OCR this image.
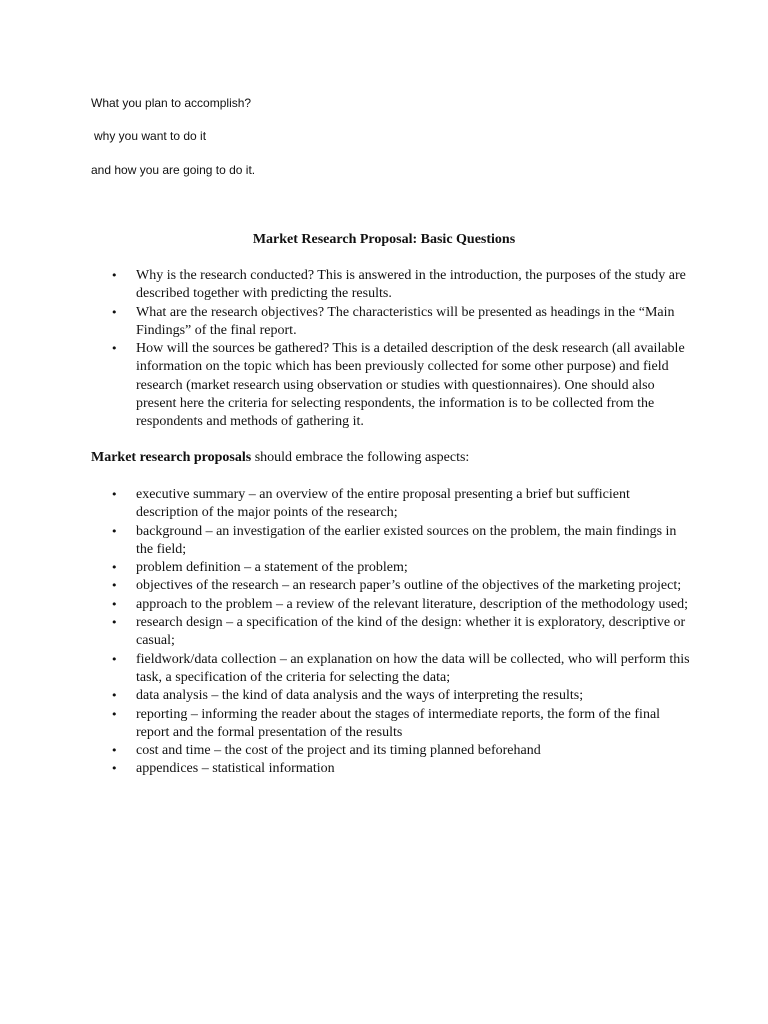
What you plan to accomplish?
why you want to do it
and how you are going to do it.
Market Research Proposal: Basic Questions
• Why is the research conducted? This is answered in the introduction, the purposes of the study are described together with predicting the results.
• What are the research objectives? The characteristics will be presented as headings in the “Main Findings” of the final report.
• How will the sources be gathered? This is a detailed description of the desk research (all available information on the topic which has been previously collected for some other purpose) and field research (market research using observation or studies with questionnaires). One should also present here the criteria for selecting respondents, the information is to be collected from the respondents and methods of gathering it.
Market research proposals should embrace the following aspects:
• executive summary – an overview of the entire proposal presenting a brief but sufficient description of the major points of the research;
• background – an investigation of the earlier existed sources on the problem, the main findings in the field;
• problem definition – a statement of the problem;
• objectives of the research – an research paper’s outline of the objectives of the marketing project;
• approach to the problem – a review of the relevant literature, description of the methodology used;
• research design – a specification of the kind of the design: whether it is exploratory, descriptive or casual;
• fieldwork/data collection – an explanation on how the data will be collected, who will perform this task, a specification of the criteria for selecting the data;
• data analysis – the kind of data analysis and the ways of interpreting the results;
• reporting – informing the reader about the stages of intermediate reports, the form of the final report and the formal presentation of the results
• cost and time – the cost of the project and its timing planned beforehand
• appendices – statistical information
